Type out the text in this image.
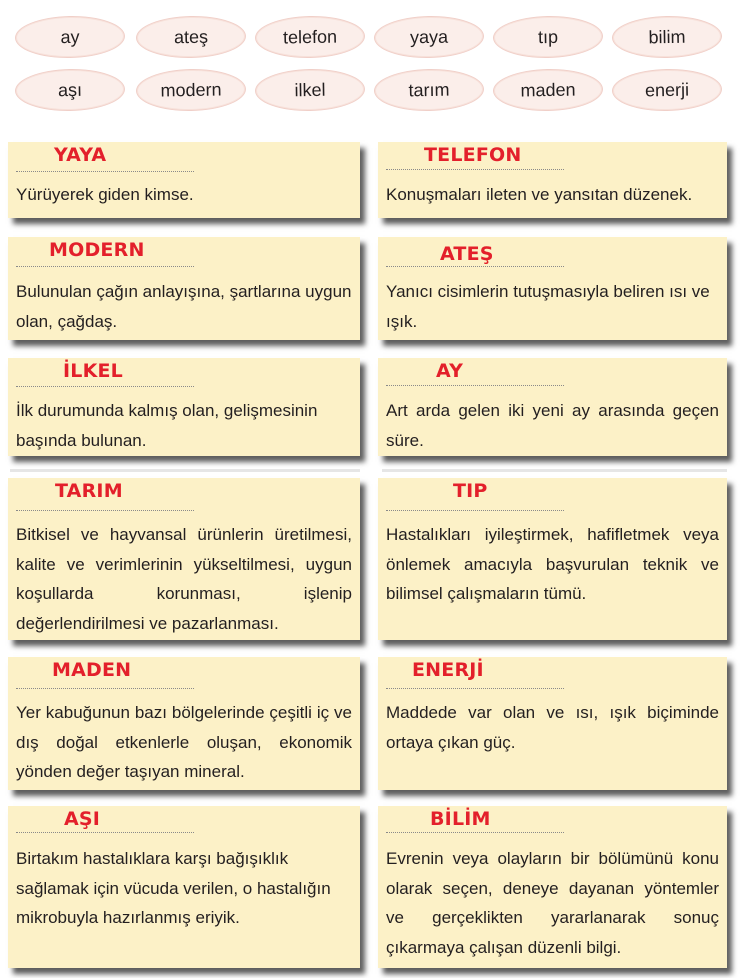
ay	ateş	telefon	yaya	tıp	bilim
aşı	modern	ilkel	tarım	maden	enerji
YAYA
Yürüyerek giden kimse.
MODERN
Bulunulan çağın anlayışına, şartlarına uygun olan, çağdaş.
İLKEL
İlk durumunda kalmış olan, gelişmesinin başında bulunan.
TARIM
Bitkisel ve hayvansal ürünlerin üretilmesi, kalite ve verimlerinin yükseltilmesi, uygun koşullarda korunması, işlenip değerlendirilmesi ve pazarlanması.
MADEN
Yer kabuğunun bazı bölgelerinde çeşitli iç ve dış doğal etkenlerle oluşan, ekonomik yönden değer taşıyan mineral.
AŞI
Birtakım hastalıklara karşı bağışıklık sağlamak için vücuda verilen, o hastalığın mikrobuyla hazırlanmış eriyik.
TELEFON
Konuşmaları ileten ve yansıtan düzenek.
ATEŞ
Yanıcı cisimlerin tutuşmasıyla beliren ısı ve ışık.
AY
Art arda gelen iki yeni ay arasında geçen süre.
TIP
Hastalıkları iyileştirmek, hafifletmek veya önlemek amacıyla başvurulan teknik ve bilimsel çalışmaların tümü.
ENERJİ
Maddede var olan ve ısı, ışık biçiminde ortaya çıkan güç.
BİLİM
Evrenin veya olayların bir bölümünü konu olarak seçen, deneye dayanan yöntemler ve gerçeklikten yararlanarak sonuç çıkarmaya çalışan düzenli bilgi.
